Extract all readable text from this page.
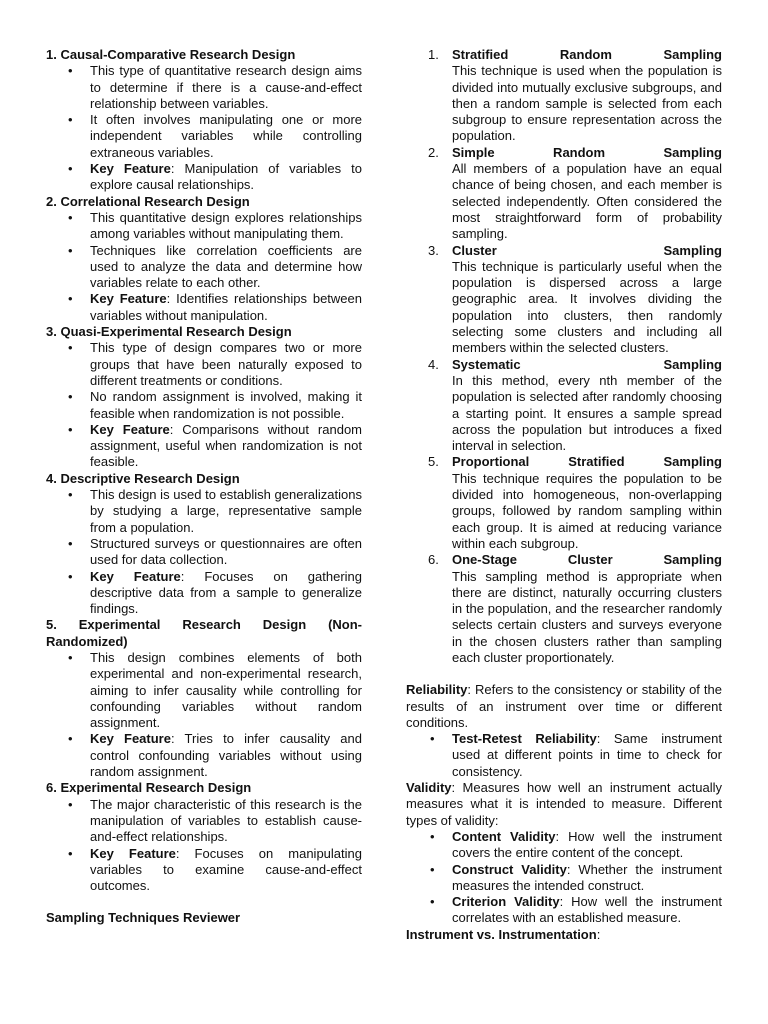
1. Causal-Comparative Research Design
• This type of quantitative research design aims to determine if there is a cause-and-effect relationship between variables.
• It often involves manipulating one or more independent variables while controlling extraneous variables.
• Key Feature: Manipulation of variables to explore causal relationships.
2. Correlational Research Design
• This quantitative design explores relationships among variables without manipulating them.
• Techniques like correlation coefficients are used to analyze the data and determine how variables relate to each other.
• Key Feature: Identifies relationships between variables without manipulation.
3. Quasi-Experimental Research Design
• This type of design compares two or more groups that have been naturally exposed to different treatments or conditions.
• No random assignment is involved, making it feasible when randomization is not possible.
• Key Feature: Comparisons without random assignment, useful when randomization is not feasible.
4. Descriptive Research Design
• This design is used to establish generalizations by studying a large, representative sample from a population.
• Structured surveys or questionnaires are often used for data collection.
• Key Feature: Focuses on gathering descriptive data from a sample to generalize findings.
5. Experimental Research Design (Non-Randomized)
• This design combines elements of both experimental and non-experimental research, aiming to infer causality while controlling for confounding variables without random assignment.
• Key Feature: Tries to infer causality and control confounding variables without using random assignment.
6. Experimental Research Design
• The major characteristic of this research is the manipulation of variables to establish cause-and-effect relationships.
• Key Feature: Focuses on manipulating variables to examine cause-and-effect outcomes.
Sampling Techniques Reviewer
1. Stratified Random Sampling
This technique is used when the population is divided into mutually exclusive subgroups, and then a random sample is selected from each subgroup to ensure representation across the population.
2. Simple Random Sampling
All members of a population have an equal chance of being chosen, and each member is selected independently. Often considered the most straightforward form of probability sampling.
3. Cluster Sampling
This technique is particularly useful when the population is dispersed across a large geographic area. It involves dividing the population into clusters, then randomly selecting some clusters and including all members within the selected clusters.
4. Systematic Sampling
In this method, every nth member of the population is selected after randomly choosing a starting point. It ensures a sample spread across the population but introduces a fixed interval in selection.
5. Proportional Stratified Sampling
This technique requires the population to be divided into homogeneous, non-overlapping groups, followed by random sampling within each group. It is aimed at reducing variance within each subgroup.
6. One-Stage Cluster Sampling
This sampling method is appropriate when there are distinct, naturally occurring clusters in the population, and the researcher randomly selects certain clusters and surveys everyone in the chosen clusters rather than sampling each cluster proportionately.

Reliability: Refers to the consistency or stability of the results of an instrument over time or different conditions.

• Test-Retest Reliability: Same instrument used at different points in time to check for consistency.

Validity: Measures how well an instrument actually measures what it is intended to measure. Different types of validity:

• Content Validity: How well the instrument covers the entire content of the concept.
• Construct Validity: Whether the instrument measures the intended construct.
• Criterion Validity: How well the instrument correlates with an established measure.

Instrument vs. Instrumentation:
